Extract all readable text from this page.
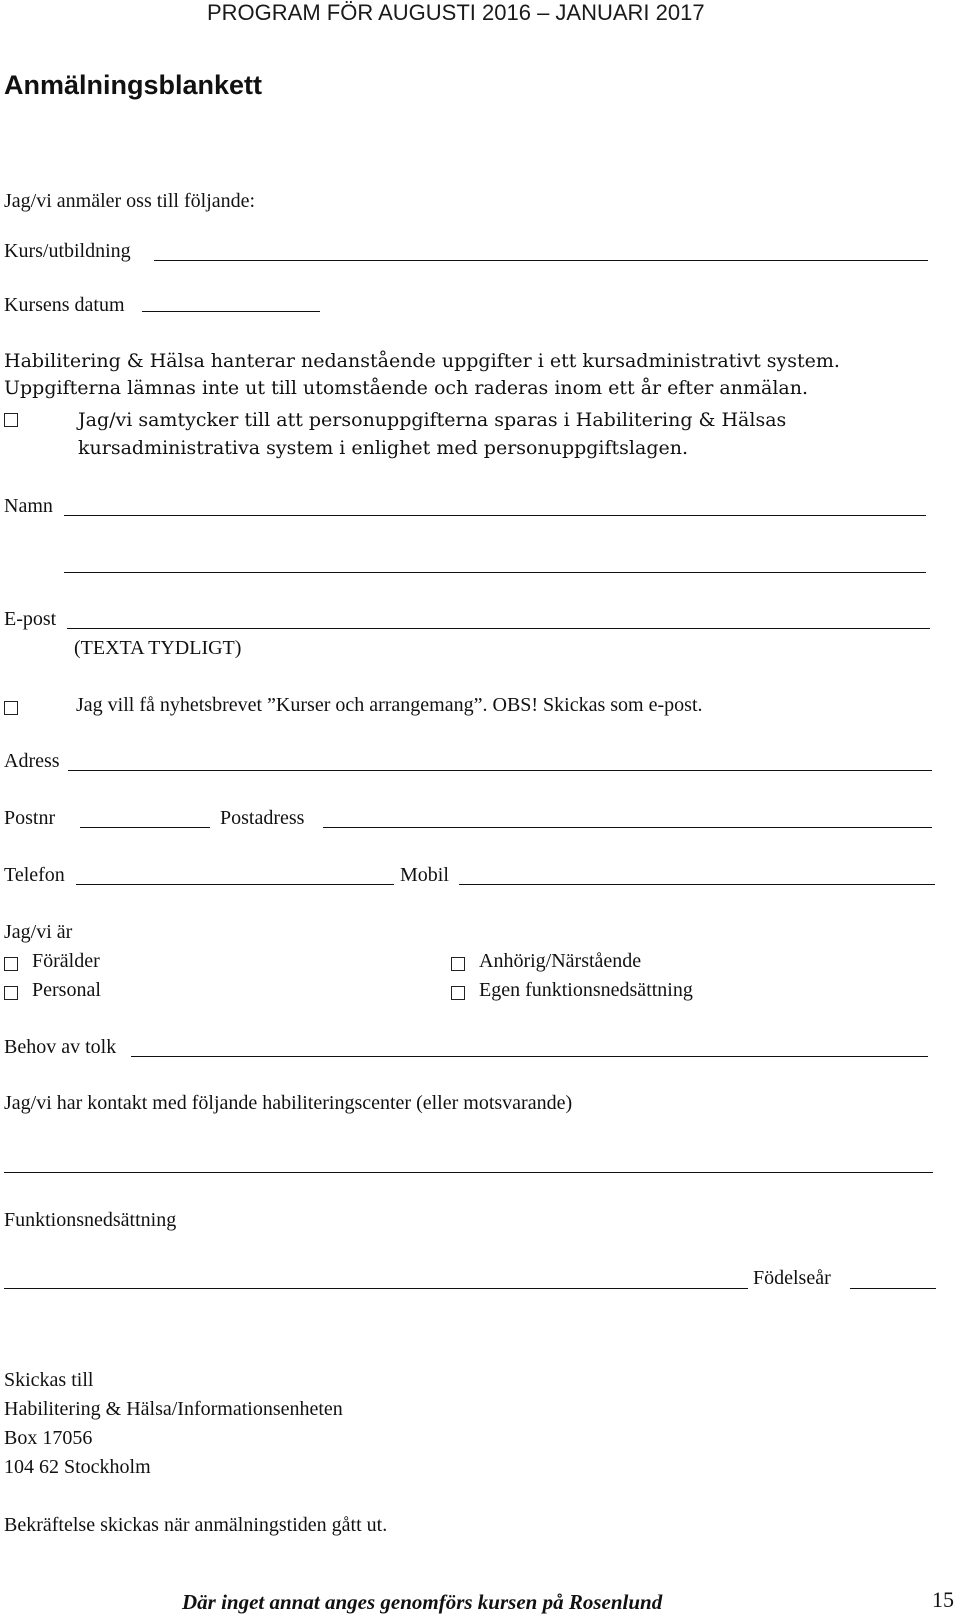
PROGRAM FÖR AUGUSTI 2016 – JANUARI 2017
Anmälningsblankett
Jag/vi anmäler oss till följande:
Kurs/utbildning
Kursens datum
Habilitering & Hälsa hanterar nedanstående uppgifter i ett kursadministrativt system.
Uppgifterna lämnas inte ut till utomstående och raderas inom ett år efter anmälan.
Jag/vi samtycker till att personuppgifterna sparas i Habilitering & Hälsas
kursadministrativa system i enlighet med personuppgiftslagen.
Namn
E-post
(TEXTA TYDLIGT)
Jag vill få nyhetsbrevet ”Kurser och arrangemang”. OBS! Skickas som e-post.
Adress
Postnr	Postadress
Telefon	Mobil
Jag/vi är
Förälder
Personal
Anhörig/Närstående
Egen funktionsnedsättning
Behov av tolk
Jag/vi har kontakt med följande habiliteringscenter (eller motsvarande)
Funktionsnedsättning
Födelseår
Skickas till
Habilitering & Hälsa/Informationsenheten
Box 17056
104 62 Stockholm
Bekräftelse skickas när anmälningstiden gått ut.
Där inget annat anges genomförs kursen på Rosenlund	15
